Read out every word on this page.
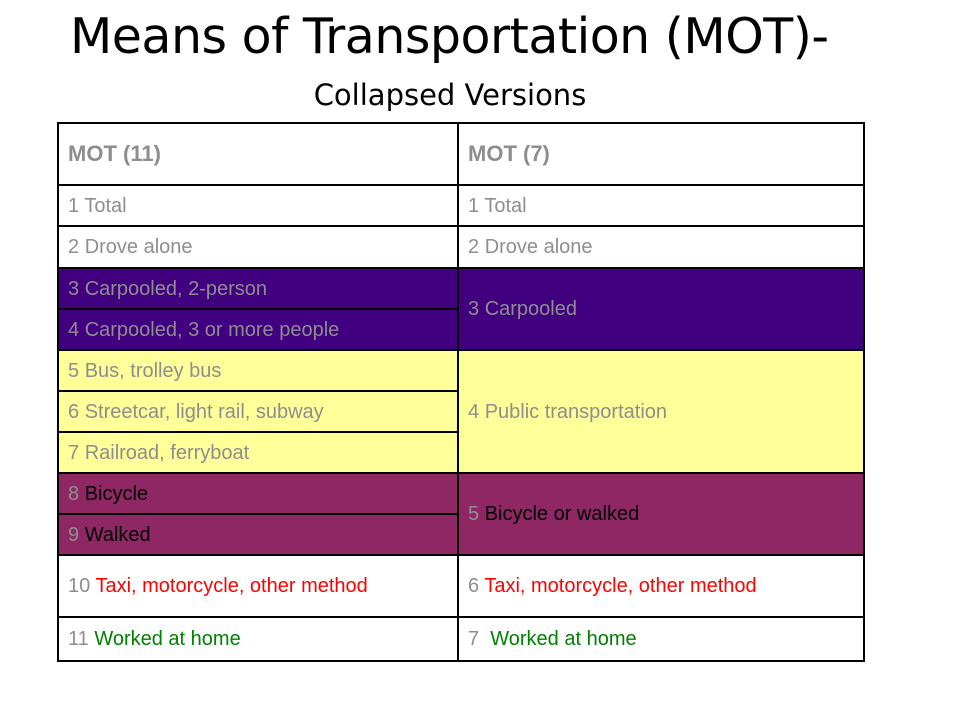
Means of Transportation (MOT)-
Collapsed Versions
MOT (11)	MOT (7)
1 Total	1 Total
2 Drove alone	2 Drove alone
3 Carpooled, 2-person	3 Carpooled
4 Carpooled, 3 or more people	
5 Bus, trolley bus	4 Public transportation
6 Streetcar, light rail, subway	
7 Railroad, ferryboat	
8 Bicycle	5 Bicycle or walked
9 Walked	

10 Taxi, motorcycle, other method	6 Taxi, motorcycle, other method

11 Worked at home	7 Worked at home
